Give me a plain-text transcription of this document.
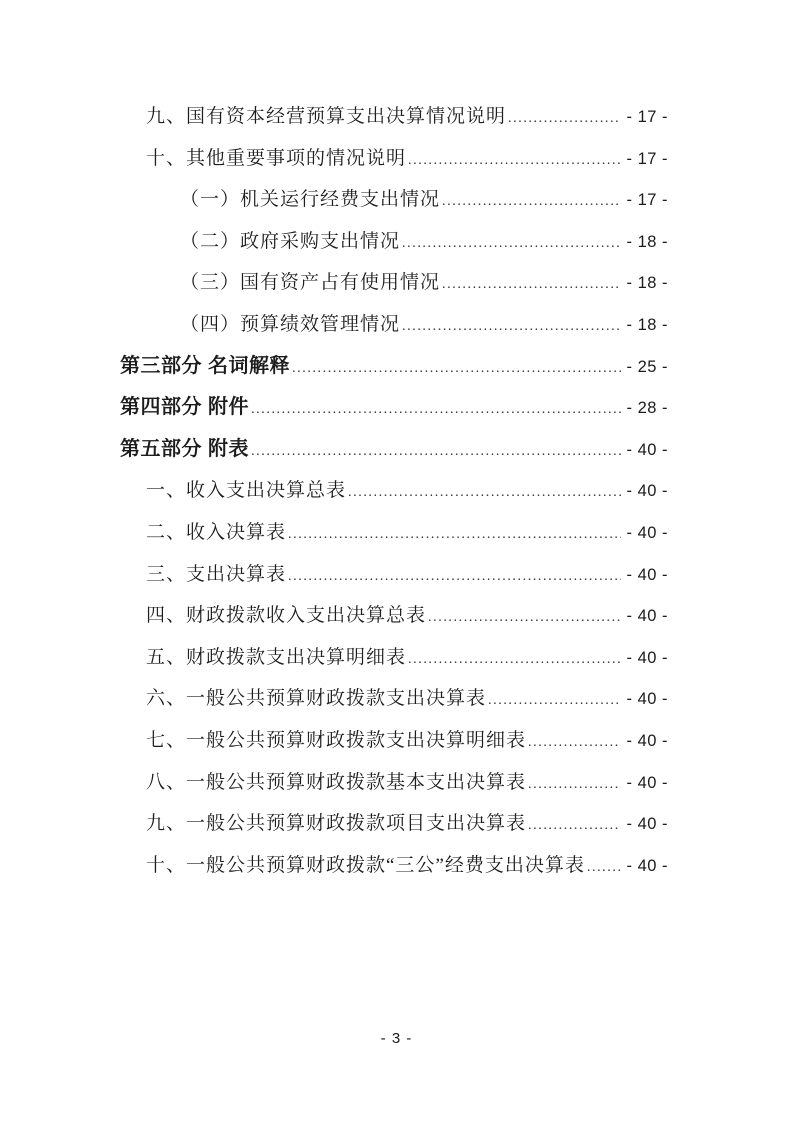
九、国有资本经营预算支出决算情况说明 .....	- 17 -
十、其他重要事项的情况说明 .....	- 17 -
（一）机关运行经费支出情况 .....	- 17 -
（二）政府采购支出情况 .....	- 18 -
（三）国有资产占有使用情况 .....	- 18 -
（四）预算绩效管理情况 .....	- 18 -
第三部分 名词解释 .....	- 25 -
第四部分 附件 .....	- 28 -
第五部分 附表 .....	- 40 -
一、收入支出决算总表 .....	- 40 -
二、收入决算表 .....	- 40 -
三、支出决算表 .....	- 40 -
四、财政拨款收入支出决算总表 .....	- 40 -
五、财政拨款支出决算明细表 .....	- 40 -
六、一般公共预算财政拨款支出决算表 .....	- 40 -
七、一般公共预算财政拨款支出决算明细表 .....	- 40 -
八、一般公共预算财政拨款基本支出决算表 .....	- 40 -
九、一般公共预算财政拨款项目支出决算表 .....	- 40 -
十、一般公共预算财政拨款“三公”经费支出决算表 .....	- 40 -
- 3 -
